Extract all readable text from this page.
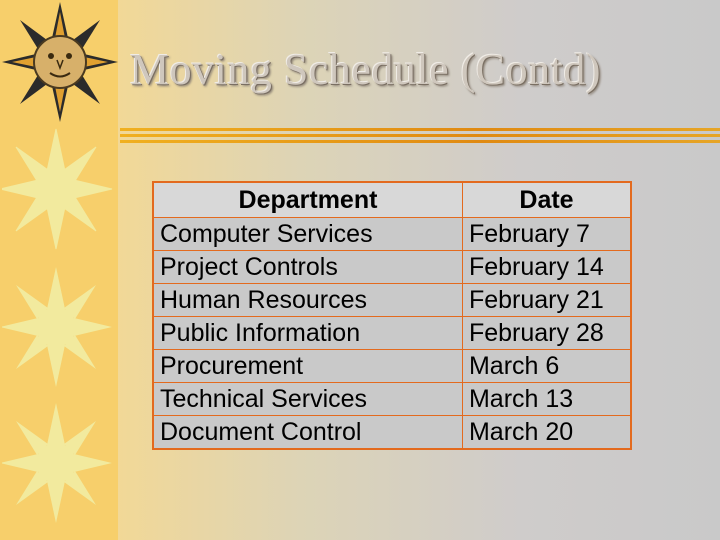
Moving Schedule (Contd)
Department	Date
Computer Services	February 7
Project Controls	February 14
Human Resources	February 21
Public Information	February 28
Procurement	March 6
Technical Services	March 13
Document Control	March 20
